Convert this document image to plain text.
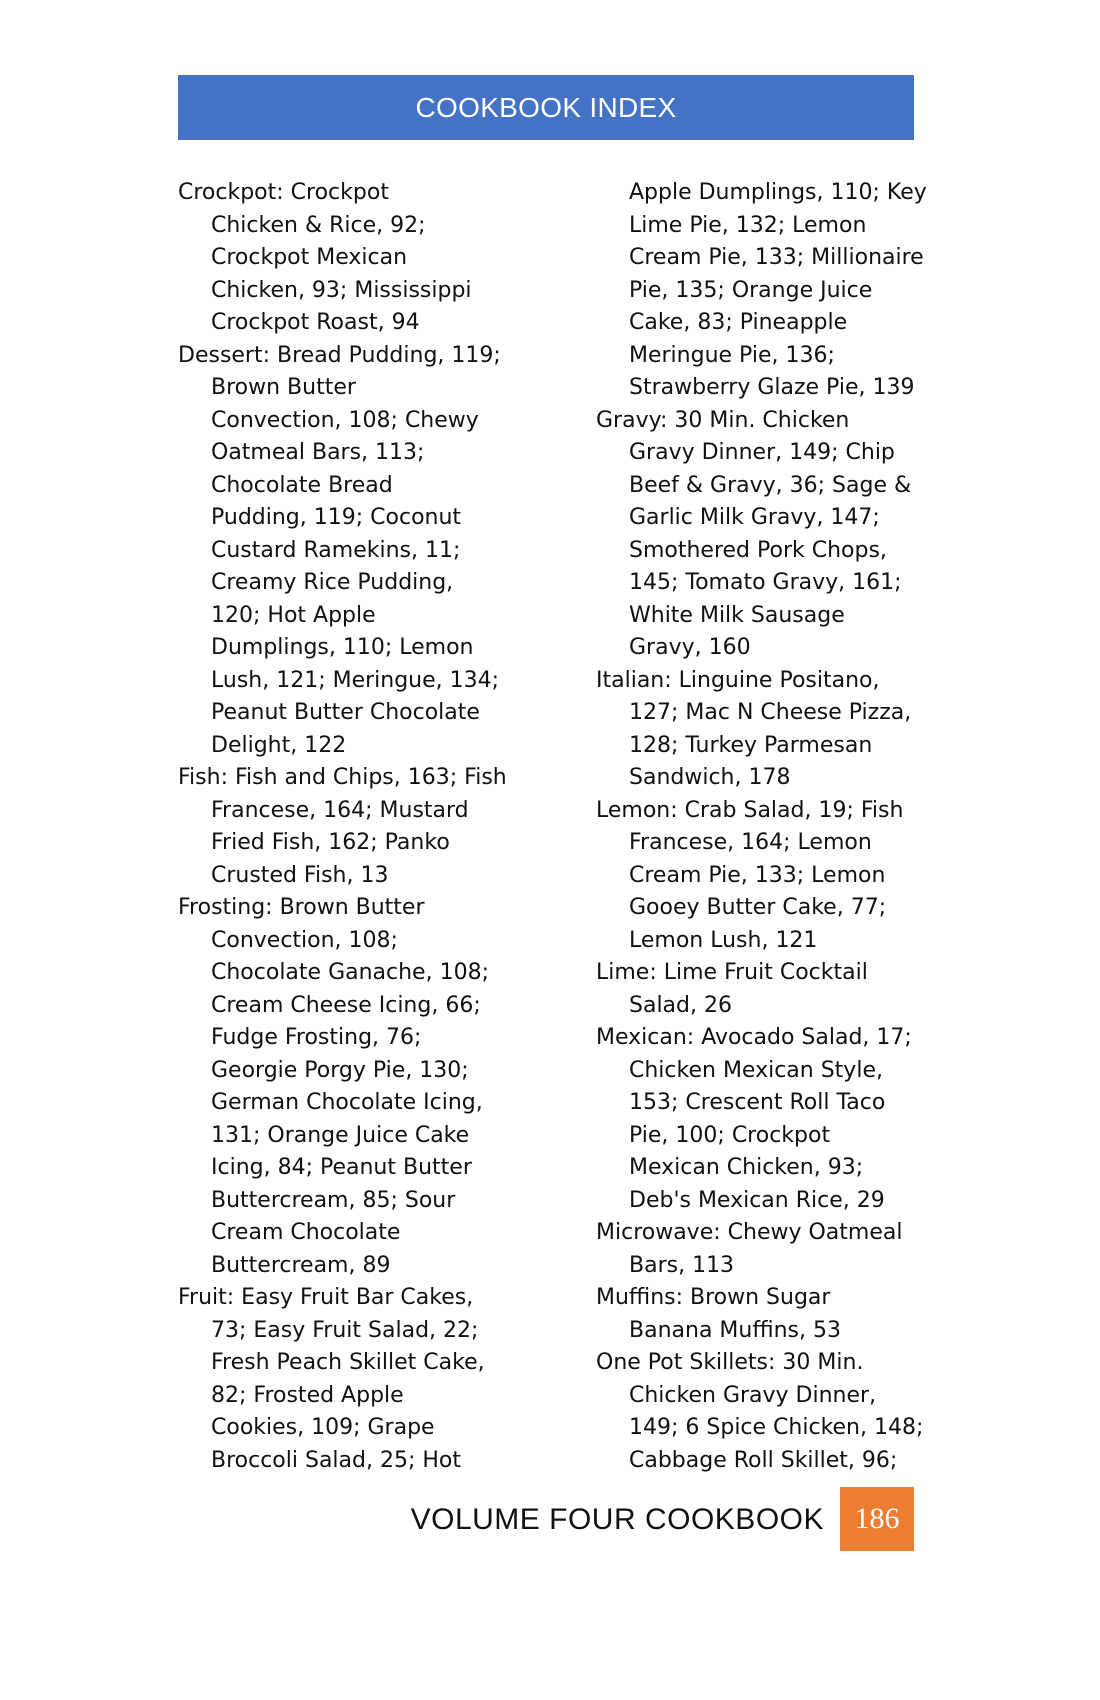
COOKBOOK INDEX

Crockpot: Crockpot

Chicken & Rice, 92;

Crockpot Mexican

Chicken, 93; Mississippi

Crockpot Roast, 94

Dessert: Bread Pudding, 119;

Brown Butter

Convection, 108; Chewy

Oatmeal Bars, 113;

Chocolate Bread

Pudding, 119; Coconut

Custard Ramekins, 11;

Creamy Rice Pudding,

120; Hot Apple

Dumplings, 110; Lemon

Lush, 121; Meringue, 134;

Peanut Butter Chocolate

Delight, 122

Fish: Fish and Chips, 163; Fish

Francese, 164; Mustard

Fried Fish, 162; Panko

Crusted Fish, 13

Frosting: Brown Butter

Convection, 108;

Chocolate Ganache, 108;

Cream Cheese Icing, 66;

Fudge Frosting, 76;

Georgie Porgy Pie, 130;

German Chocolate Icing,

131; Orange Juice Cake

Icing, 84; Peanut Butter

Buttercream, 85; Sour

Cream Chocolate

Buttercream, 89

Fruit: Easy Fruit Bar Cakes,

73; Easy Fruit Salad, 22;

Fresh Peach Skillet Cake,

82; Frosted Apple

Cookies, 109; Grape

Broccoli Salad, 25; Hot

Apple Dumplings, 110; Key

Lime Pie, 132; Lemon

Cream Pie, 133; Millionaire

Pie, 135; Orange Juice

Cake, 83; Pineapple

Meringue Pie, 136;

Strawberry Glaze Pie, 139

Gravy: 30 Min. Chicken

Gravy Dinner, 149; Chip

Beef & Gravy, 36; Sage &

Garlic Milk Gravy, 147;

Smothered Pork Chops,

145; Tomato Gravy, 161;

White Milk Sausage

Gravy, 160

Italian: Linguine Positano,

127; Mac N Cheese Pizza,

128; Turkey Parmesan

Sandwich, 178

Lemon: Crab Salad, 19; Fish

Francese, 164; Lemon

Cream Pie, 133; Lemon

Gooey Butter Cake, 77;

Lemon Lush, 121

Lime: Lime Fruit Cocktail

Salad, 26

Mexican: Avocado Salad, 17;

Chicken Mexican Style,

153; Crescent Roll Taco

Pie, 100; Crockpot

Mexican Chicken, 93;

Deb's Mexican Rice, 29

Microwave: Chewy Oatmeal

Bars, 113

Muffins: Brown Sugar

Banana Muffins, 53

One Pot Skillets: 30 Min.

Chicken Gravy Dinner,

149; 6 Spice Chicken, 148;

Cabbage Roll Skillet, 96;

VOLUME FOUR COOKBOOK 186
